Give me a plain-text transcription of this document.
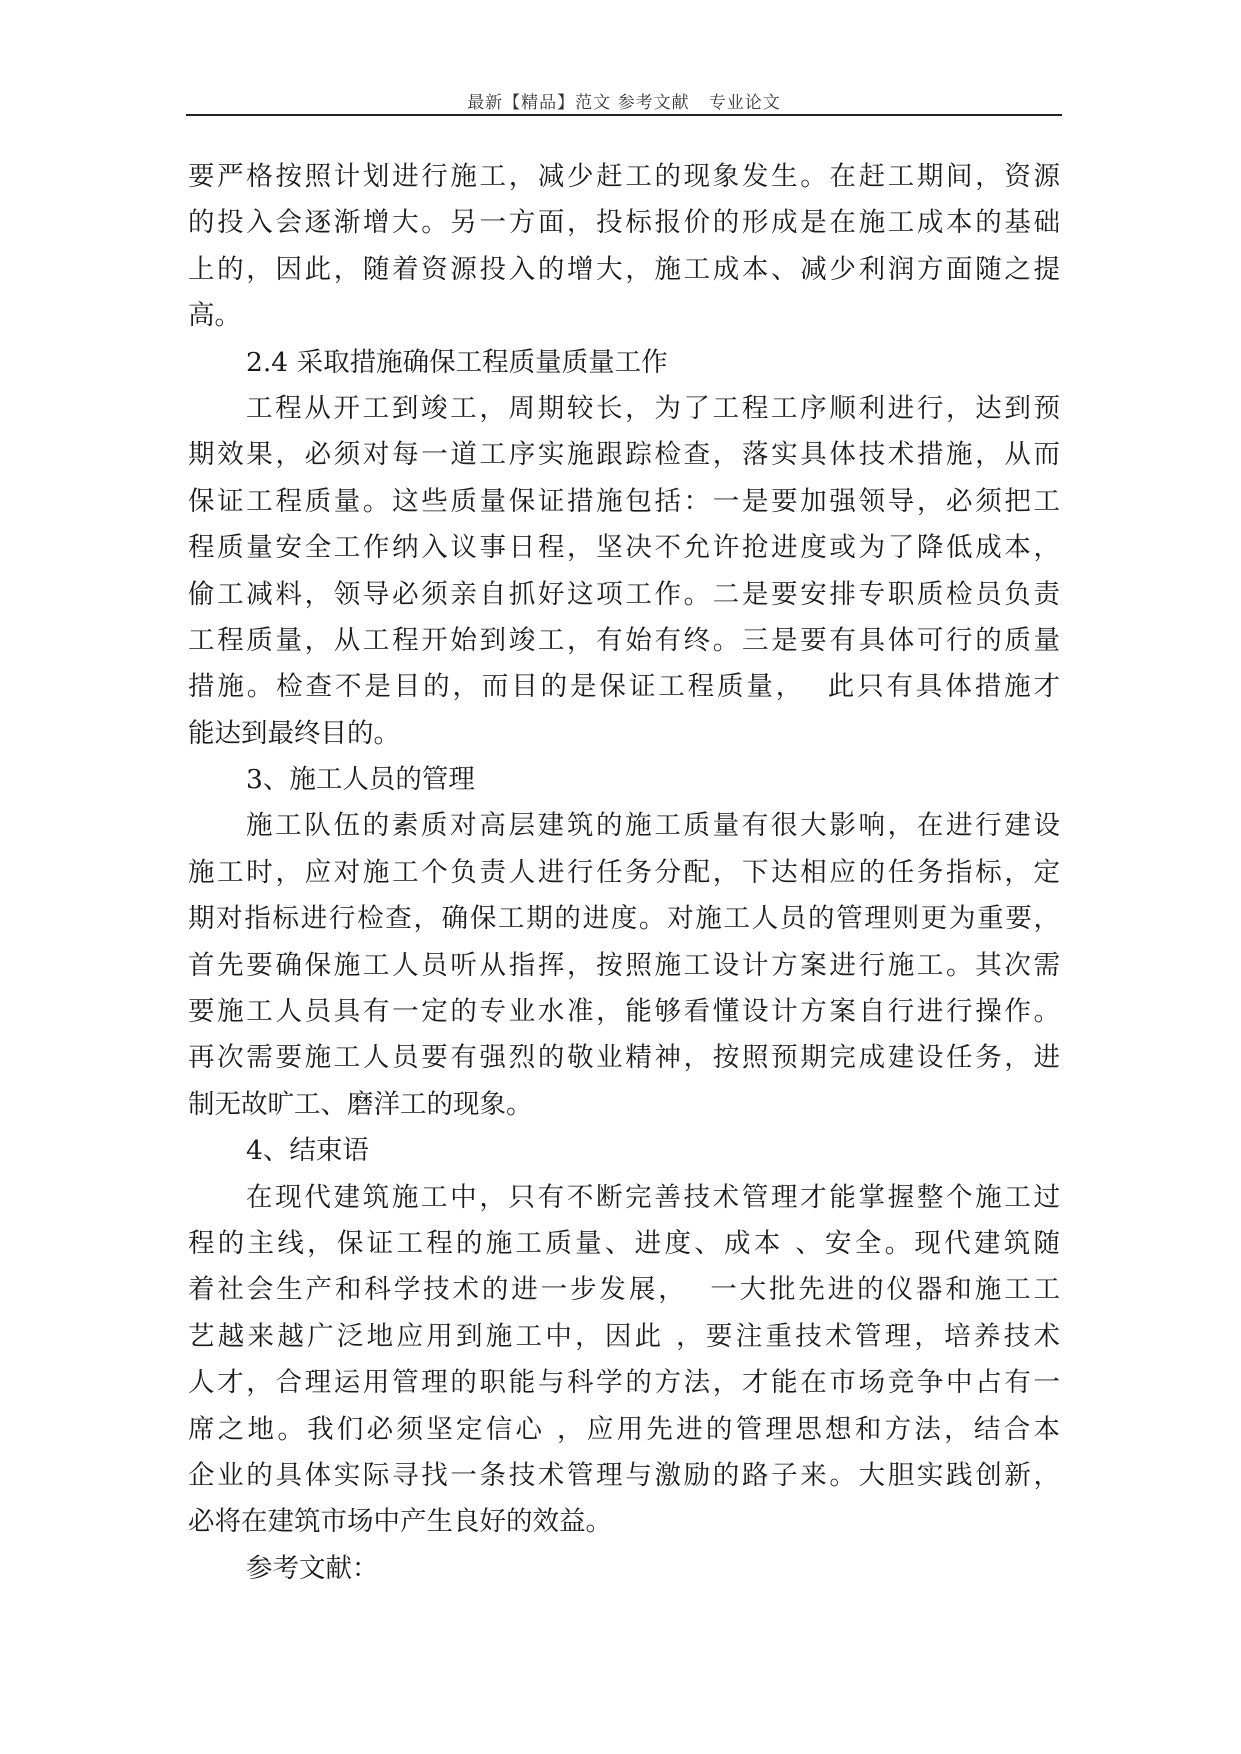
最新【精品】范文 参考文献   专业论文
要严格按照计划进行施工，减少赶工的现象发生。在赶工期间，资源
的投入会逐渐增大。另一方面，投标报价的形成是在施工成本的基础
上的，因此，随着资源投入的增大，施工成本、减少利润方面随之提
高。
2.4 采取措施确保工程质量质量工作
工程从开工到竣工，周期较长，为了工程工序顺利进行，达到预
期效果，必须对每一道工序实施跟踪检查，落实具体技术措施，从而
保证工程质量。这些质量保证措施包括：一是要加强领导，必须把工
程质量安全工作纳入议事日程，坚决不允许抢进度或为了降低成本，
偷工减料，领导必须亲自抓好这项工作。二是要安排专职质检员负责
工程质量，从工程开始到竣工，有始有终。三是要有具体可行的质量
措施。检查不是目的，而目的是保证工程质量，  此只有具体措施才
能达到最终目的。
3、施工人员的管理
施工队伍的素质对高层建筑的施工质量有很大影响，在进行建设
施工时，应对施工个负责人进行任务分配，下达相应的任务指标，定
期对指标进行检查，确保工期的进度。对施工人员的管理则更为重要，
首先要确保施工人员听从指挥，按照施工设计方案进行施工。其次需
要施工人员具有一定的专业水准，能够看懂设计方案自行进行操作。
再次需要施工人员要有强烈的敬业精神，按照预期完成建设任务，进
制无故旷工、磨洋工的现象。
4、结束语
在现代建筑施工中，只有不断完善技术管理才能掌握整个施工过
程的主线，保证工程的施工质量、进度、成本 、安全。现代建筑随
着社会生产和科学技术的进一步发展，  一大批先进的仪器和施工工
艺越来越广泛地应用到施工中，因此 ，要注重技术管理，培养技术
人才，合理运用管理的职能与科学的方法，才能在市场竞争中占有一
席之地。我们必须坚定信心 ，应用先进的管理思想和方法，结合本
企业的具体实际寻找一条技术管理与激励的路子来。大胆实践创新，
必将在建筑市场中产生良好的效益。
参考文献：
